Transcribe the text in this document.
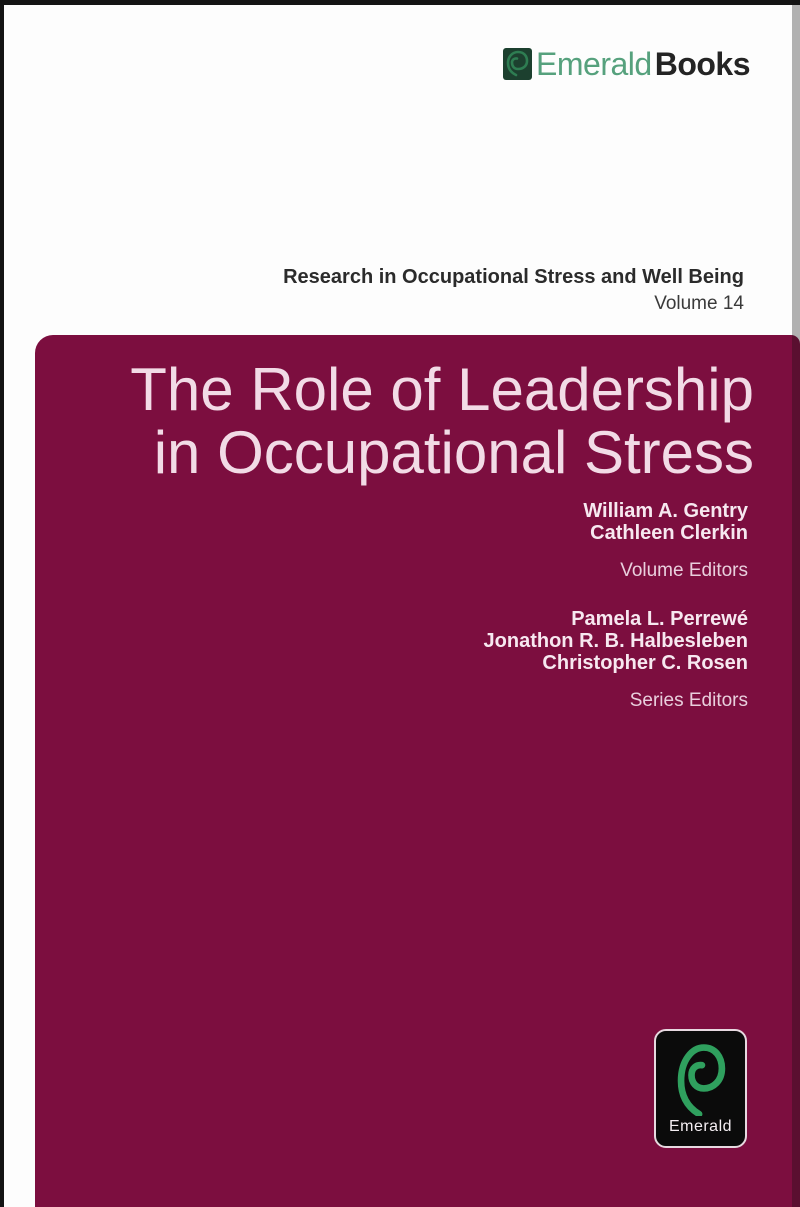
Emerald Books
Research in Occupational Stress and Well Being
Volume 14
The Role of Leadership
in Occupational Stress
William A. Gentry
Cathleen Clerkin
Volume Editors
Pamela L. Perrewé
Jonathon R. B. Halbesleben
Christopher C. Rosen
Series Editors
Emerald
